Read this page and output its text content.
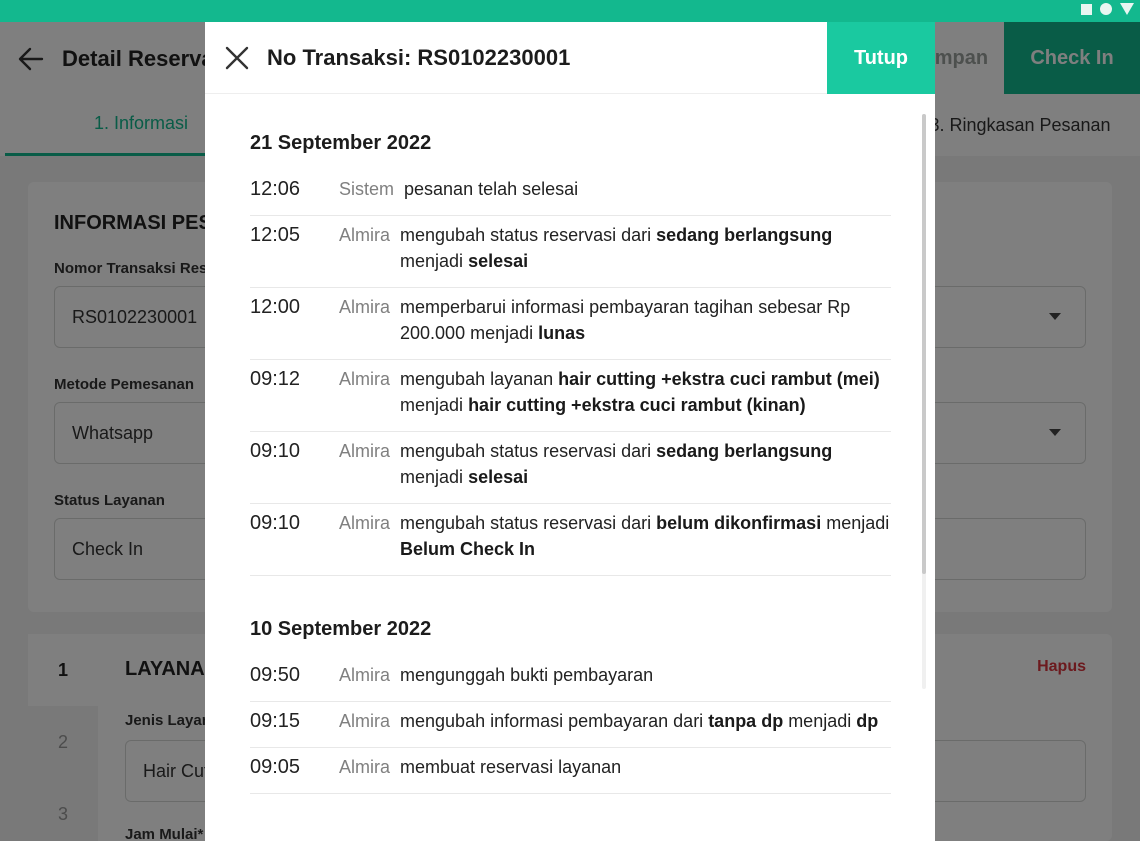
No Transaksi: RS0102230001	Tutup
21 September 2022
12:06	Sistem pesanan telah selesai
12:05	Almira mengubah status reservasi dari sedang berlangsung menjadi selesai
12:00	Almira memperbarui informasi pembayaran tagihan sebesar Rp 200.000 menjadi lunas
09:12	Almira mengubah layanan hair cutting +ekstra cuci rambut (mei) menjadi hair cutting +ekstra cuci rambut (kinan)
09:10	Almira mengubah status reservasi dari sedang berlangsung menjadi selesai
09:10	Almira mengubah status reservasi dari belum dikonfirmasi menjadi Belum Check In
10 September 2022
09:50	Almira mengunggah bukti pembayaran
09:15	Almira mengubah informasi pembayaran dari tanpa dp menjadi dp
09:05	Almira membuat reservasi layanan
